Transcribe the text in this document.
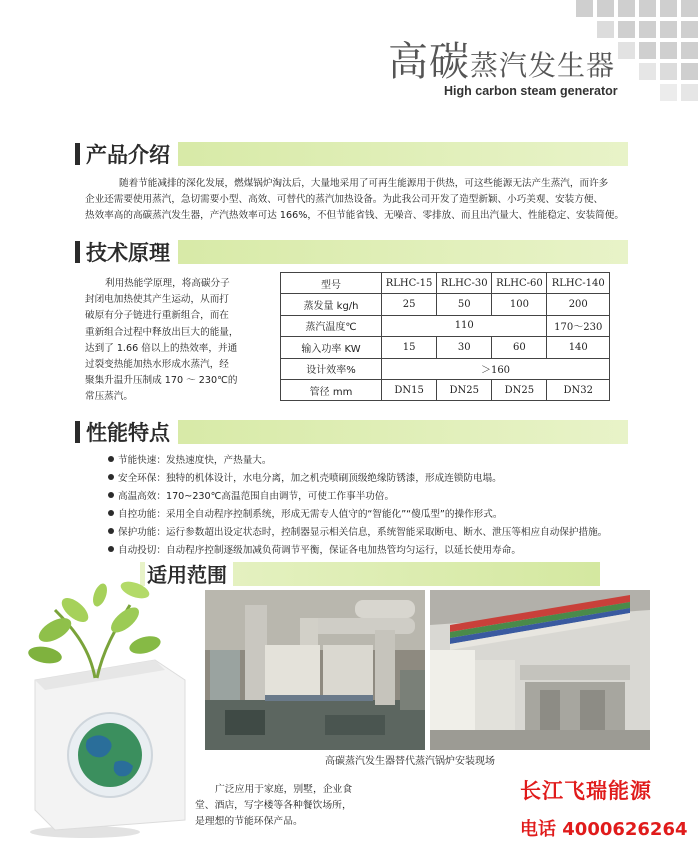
高碳蒸汽发生器
High carbon steam generator
产品介绍

随着节能减排的深化发展，燃煤锅炉淘汰后，大量地采用了可再生能源用于供热，可这些能源无法产生蒸汽，而许多

企业还需要使用蒸汽，急切需要小型、高效、可替代的蒸汽加热设备。为此我公司开发了造型新颖、小巧美观、安装方便、

热效率高的高碳蒸汽发生器，产汽热效率可达 166%，不但节能省钱、无噪音、零排放、而且出汽量大、性能稳定、安装简便。

技术原理

利用热能学原理，将高碳分子

封闭电加热使其产生运动，从而打

破原有分子链进行重新组合，而在

重新组合过程中释放出巨大的能量，

达到了 1.66 倍以上的热效率，并通

过裂变热能加热水形成水蒸汽，经

聚集升温升压制成 170 ～ 230℃的

常压蒸汽。

型号	RLHC-15	RLHC-30	RLHC-60	RLHC-140
蒸发量 kg/h	25	50	100	200
蒸汽温度℃	110			170～230
输入功率 KW	15	30	60	140
设计效率%	＞160			
管径 mm	DN15	DN25	DN25	DN32
性能特点
节能快速：发热速度快，产热量大。
安全环保：独特的机体设计，水电分离，加之机壳喷刷顶级绝缘防锈漆，形成连锁防电塌。
高温高效：170~230℃高温范围自由调节，可使工作事半功倍。
自控功能：采用全自动程序控制系统，形成无需专人值守的“智能化”“傻瓜型”的操作形式。
保护功能：运行参数超出设定状态时，控制器显示相关信息，系统智能采取断电、断水、泄压等相应自动保护措施。
自动投切：自动程序控制逐级加减负荷调节平衡，保证各电加热管均匀运行，以延长使用寿命。
适用范围
高碳蒸汽发生器替代蒸汽锅炉安装现场

广泛应用于家庭，别墅，企业食

堂、酒店，写字楼等各种餐饮场所，

是理想的节能环保产品。

长江飞瑞能源
电话 4000626264
